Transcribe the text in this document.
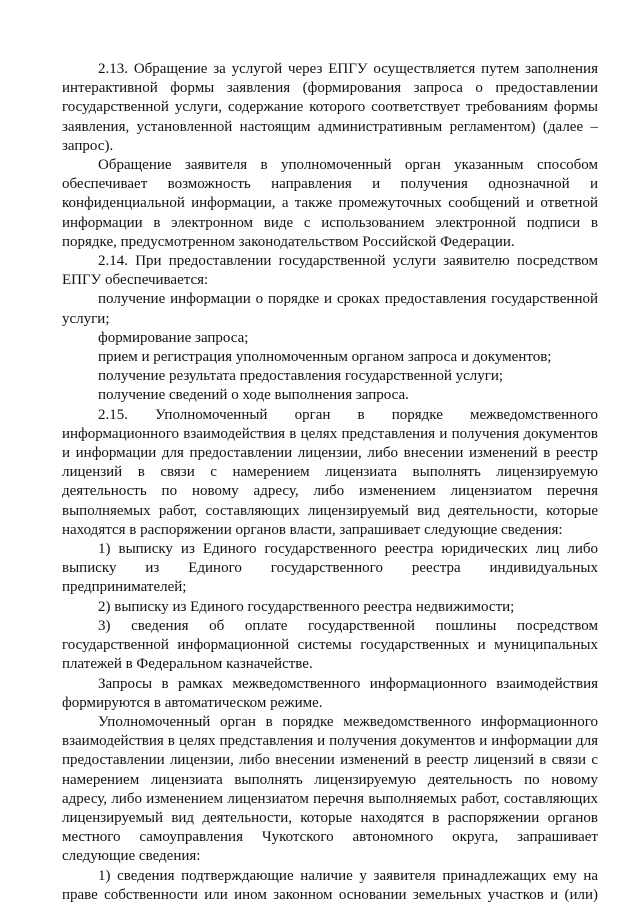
2.13. Обращение за услугой через ЕПГУ осуществляется путем заполнения интерактивной формы заявления (формирования запроса о предоставлении государственной услуги, содержание которого соответствует требованиям формы заявления, установленной настоящим административным регламентом) (далее – запрос).

Обращение заявителя в уполномоченный орган указанным способом обеспечивает возможность направления и получения однозначной и конфиденциальной информации, а также промежуточных сообщений и ответной информации в электронном виде с использованием электронной подписи в порядке, предусмотренном законодательством Российской Федерации.

2.14. При предоставлении государственной услуги заявителю посредством ЕПГУ обеспечивается:

получение информации о порядке и сроках предоставления государственной услуги;

формирование запроса;

прием и регистрация уполномоченным органом запроса и документов;

получение результата предоставления государственной услуги;

получение сведений о ходе выполнения запроса.

2.15. Уполномоченный орган в порядке межведомственного информационного взаимодействия в целях представления и получения документов и информации для предоставлении лицензии, либо внесении изменений в реестр лицензий в связи с намерением лицензиата выполнять лицензируемую деятельность по новому адресу, либо изменением лицензиатом перечня выполняемых работ, составляющих лицензируемый вид деятельности, которые находятся в распоряжении органов власти, запрашивает следующие сведения:

1) выписку из Единого государственного реестра юридических лиц либо выписку из Единого государственного реестра индивидуальных предпринимателей;

2) выписку из Единого государственного реестра недвижимости;

3) сведения об оплате государственной пошлины посредством государственной информационной системы государственных и муниципальных платежей в Федеральном казначействе.

Запросы в рамках межведомственного информационного взаимодействия формируются в автоматическом режиме.

Уполномоченный орган в порядке межведомственного информационного взаимодействия в целях представления и получения документов и информации для предоставлении лицензии, либо внесении изменений в реестр лицензий в связи с намерением лицензиата выполнять лицензируемую деятельность по новому адресу, либо изменением лицензиатом перечня выполняемых работ, составляющих лицензируемый вид деятельности, которые находятся в распоряжении органов местного самоуправления Чукотского автономного округа, запрашивает следующие сведения:

1) сведения подтверждающие наличие у заявителя принадлежащих ему на праве собственности или ином законном основании земельных участков и (или)
